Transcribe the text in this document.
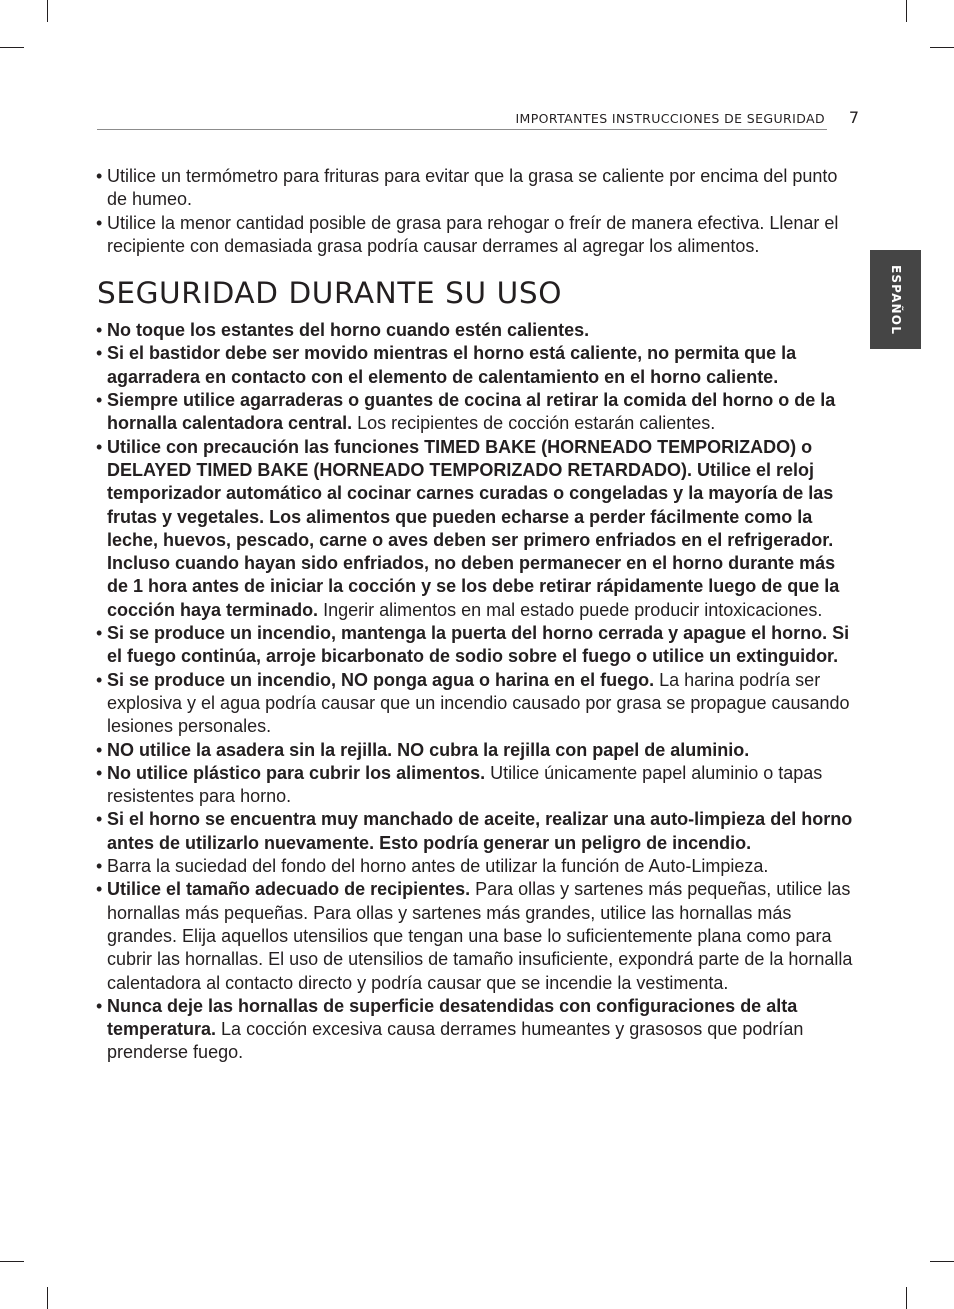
IMPORTANTES INSTRUCCIONES DE SEGURIDAD 7
ESPAÑOL
• Utilice un termómetro para frituras para evitar que la grasa se caliente por encima del punto de humeo.
• Utilice la menor cantidad posible de grasa para rehogar o freír de manera efectiva. Llenar el recipiente con demasiada grasa podría causar derrames al agregar los alimentos.
SEGURIDAD DURANTE SU USO
• No toque los estantes del horno cuando estén calientes.
• Si el bastidor debe ser movido mientras el horno está caliente, no permita que la agarradera en contacto con el elemento de calentamiento en el horno caliente.
• Siempre utilice agarraderas o guantes de cocina al retirar la comida del horno o de la hornalla calentadora central. Los recipientes de cocción estarán calientes.
• Utilice con precaución las funciones TIMED BAKE (HORNEADO TEMPORIZADO) o DELAYED TIMED BAKE (HORNEADO TEMPORIZADO RETARDADO). Utilice el reloj temporizador automático al cocinar carnes curadas o congeladas y la mayoría de las frutas y vegetales. Los alimentos que pueden echarse a perder fácilmente como la leche, huevos, pescado, carne o aves deben ser primero enfriados en el refrigerador. Incluso cuando hayan sido enfriados, no deben permanecer en el horno durante más de 1 hora antes de iniciar la cocción y se los debe retirar rápidamente luego de que la cocción haya terminado. Ingerir alimentos en mal estado puede producir intoxicaciones.
• Si se produce un incendio, mantenga la puerta del horno cerrada y apague el horno. Si el fuego continúa, arroje bicarbonato de sodio sobre el fuego o utilice un extinguidor.
• Si se produce un incendio, NO ponga agua o harina en el fuego. La harina podría ser explosiva y el agua podría causar que un incendio causado por grasa se propague causando lesiones personales.
• NO utilice la asadera sin la rejilla. NO cubra la rejilla con papel de aluminio.
• No utilice plástico para cubrir los alimentos. Utilice únicamente papel aluminio o tapas resistentes para horno.
• Si el horno se encuentra muy manchado de aceite, realizar una auto-limpieza del horno antes de utilizarlo nuevamente. Esto podría generar un peligro de incendio.
• Barra la suciedad del fondo del horno antes de utilizar la función de Auto-Limpieza.
• Utilice el tamaño adecuado de recipientes. Para ollas y sartenes más pequeñas, utilice las hornallas más pequeñas. Para ollas y sartenes más grandes, utilice las hornallas más grandes. Elija aquellos utensilios que tengan una base lo suficientemente plana como para cubrir las hornallas. El uso de utensilios de tamaño insuficiente, expondrá parte de la hornalla calentadora al contacto directo y podría causar que se incendie la vestimenta.
• Nunca deje las hornallas de superficie desatendidas con configuraciones de alta temperatura. La cocción excesiva causa derrames humeantes y grasosos que podrían prenderse fuego.
